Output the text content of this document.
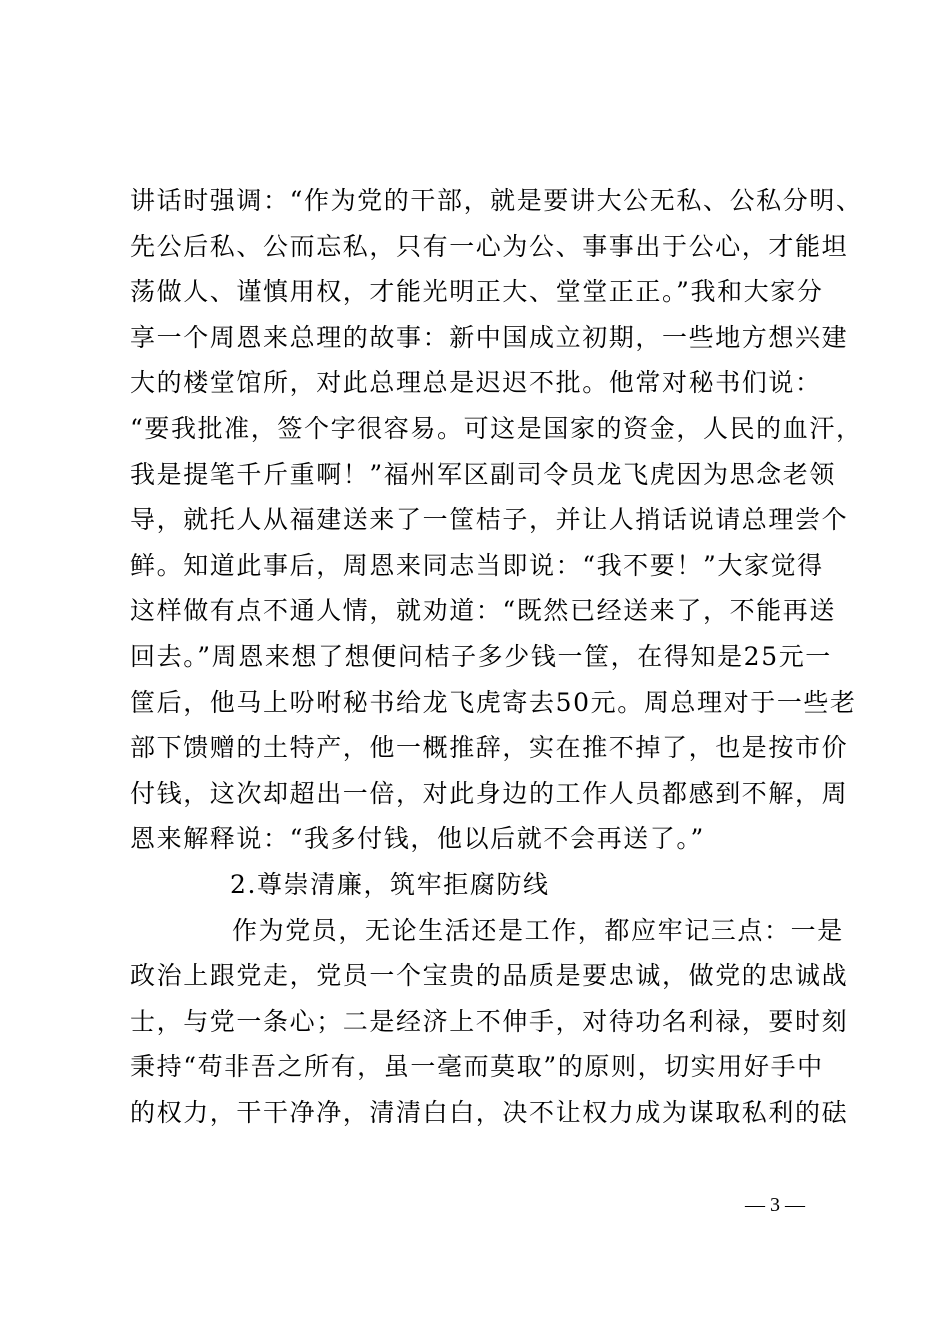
讲话时强调：“作为党的干部，就是要讲大公无私、公私分明、
先公后私、公而忘私，只有一心为公、事事出于公心，才能坦
荡做人、谨慎用权，才能光明正大、堂堂正正。”我和大家分
享一个周恩来总理的故事：新中国成立初期，一些地方想兴建
大的楼堂馆所，对此总理总是迟迟不批。他常对秘书们说：
“要我批准，签个字很容易。可这是国家的资金，人民的血汗，
我是提笔千斤重啊！”福州军区副司令员龙飞虎因为思念老领
导，就托人从福建送来了一筐桔子，并让人捎话说请总理尝个
鲜。知道此事后，周恩来同志当即说：“我不要！”大家觉得
这样做有点不通人情，就劝道：“既然已经送来了，不能再送
回去。”周恩来想了想便问桔子多少钱一筐，在得知是25元一
筐后，他马上吩咐秘书给龙飞虎寄去50元。周总理对于一些老
部下馈赠的土特产，他一概推辞，实在推不掉了，也是按市价
付钱，这次却超出一倍，对此身边的工作人员都感到不解，周
恩来解释说：“我多付钱，他以后就不会再送了。”
2.尊崇清廉，筑牢拒腐防线
作为党员，无论生活还是工作，都应牢记三点：一是
政治上跟党走，党员一个宝贵的品质是要忠诚，做党的忠诚战
士，与党一条心；二是经济上不伸手，对待功名利禄，要时刻
秉持“苟非吾之所有，虽一毫而莫取”的原则，切实用好手中
的权力，干干净净，清清白白，决不让权力成为谋取私利的砝
— 3 —
